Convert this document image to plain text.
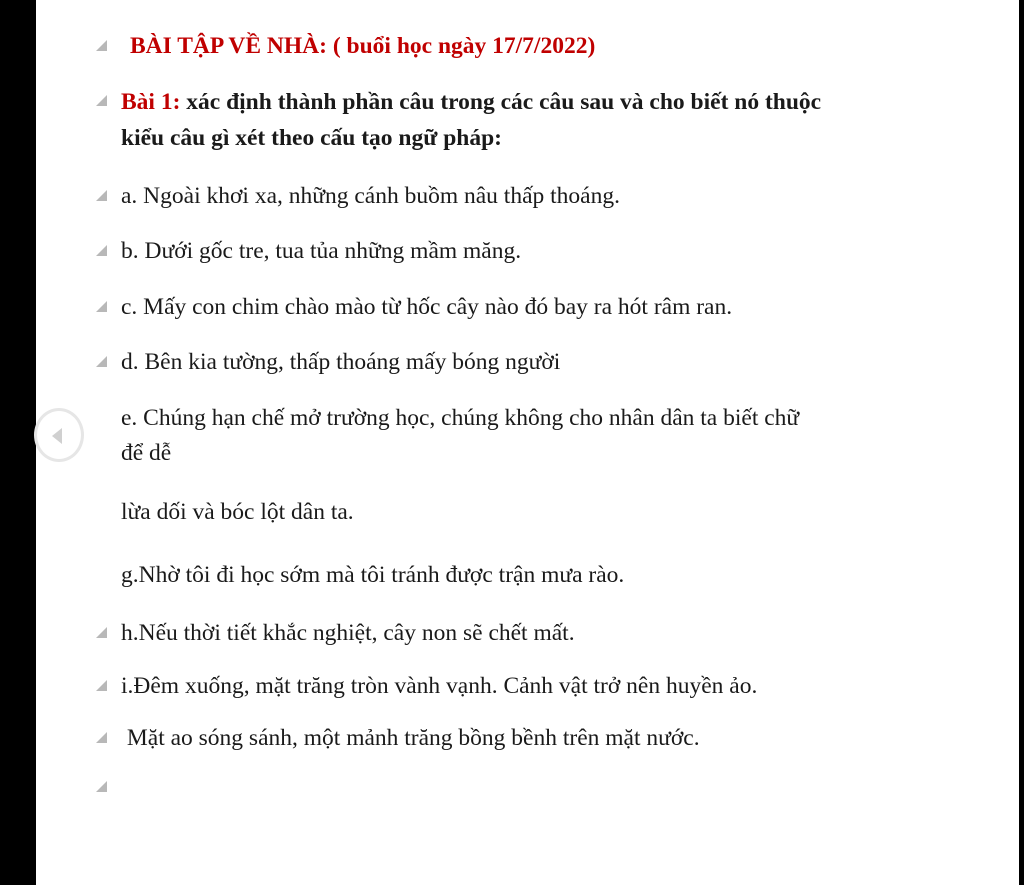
BÀI TẬP VỀ NHÀ: ( buổi học ngày 17/7/2022)
Bài 1: xác định thành phần câu trong các câu sau và cho biết nó thuộc
kiểu câu gì xét theo cấu tạo ngữ pháp:
a. Ngoài khơi xa, những cánh buồm nâu thấp thoáng.
b. Dưới gốc tre, tua tủa những mầm măng.
c. Mấy con chim chào mào từ hốc cây nào đó bay ra hót râm ran.
d. Bên kia tường, thấp thoáng mấy bóng người
e. Chúng hạn chế mở trường học, chúng không cho nhân dân ta biết chữ
để dễ
lừa dối và bóc lột dân ta.
g.Nhờ tôi đi học sớm mà tôi tránh được trận mưa rào.
h.Nếu thời tiết khắc nghiệt, cây non sẽ chết mất.
i.Đêm xuống, mặt trăng tròn vành vạnh. Cảnh vật trở nên huyền ảo.
Mặt ao sóng sánh, một mảnh trăng bồng bềnh trên mặt nước.
